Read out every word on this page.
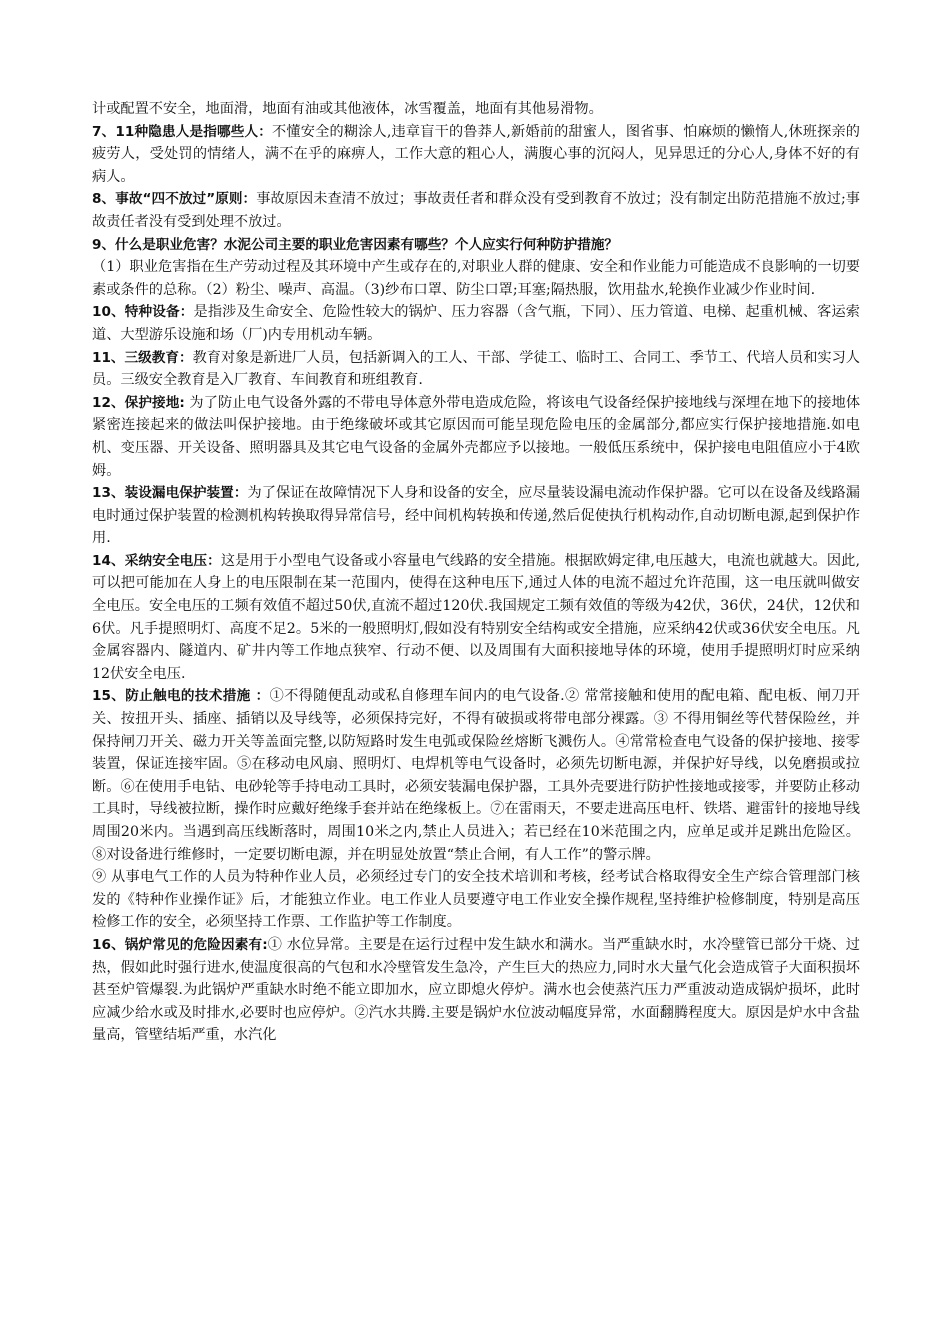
计或配置不安全，地面滑，地面有油或其他液体，冰雪覆盖，地面有其他易滑物。

7、11种隐患人是指哪些人：不懂安全的糊涂人,违章盲干的鲁莽人,新婚前的甜蜜人，图省事、怕麻烦的懒惰人,休班探亲的疲劳人，受处罚的情绪人，满不在乎的麻痹人，工作大意的粗心人，满腹心事的沉闷人，见异思迁的分心人,身体不好的有病人。

8、事故“四不放过”原则：事故原因未查清不放过；事故责任者和群众没有受到教育不放过；没有制定出防范措施不放过;事故责任者没有受到处理不放过。

9、什么是职业危害？水泥公司主要的职业危害因素有哪些？个人应实行何种防护措施？

（1）职业危害指在生产劳动过程及其环境中产生或存在的,对职业人群的健康、安全和作业能力可能造成不良影响的一切要素或条件的总称。（2）粉尘、噪声、高温。（3)纱布口罩、防尘口罩;耳塞;隔热服，饮用盐水,轮换作业减少作业时间.

10、特种设备：是指涉及生命安全、危险性较大的锅炉、压力容器（含气瓶，下同）、压力管道、电梯、起重机械、客运索道、大型游乐设施和场（厂)内专用机动车辆。

11、三级教育：教育对象是新进厂人员，包括新调入的工人、干部、学徒工、临时工、合同工、季节工、代培人员和实习人员。三级安全教育是入厂教育、车间教育和班组教育.

12、保护接地: 为了防止电气设备外露的不带电导体意外带电造成危险，将该电气设备经保护接地线与深埋在地下的接地体紧密连接起来的做法叫保护接地。由于绝缘破坏或其它原因而可能呈现危险电压的金属部分,都应实行保护接地措施.如电机、变压器、开关设备、照明器具及其它电气设备的金属外壳都应予以接地。一般低压系统中，保护接电电阻值应小于4欧姆。

13、装设漏电保护装置：为了保证在故障情况下人身和设备的安全，应尽量装设漏电流动作保护器。它可以在设备及线路漏电时通过保护装置的检测机构转换取得异常信号，经中间机构转换和传递,然后促使执行机构动作,自动切断电源,起到保护作用.

14、采纳安全电压：这是用于小型电气设备或小容量电气线路的安全措施。根据欧姆定律,电压越大，电流也就越大。因此,可以把可能加在人身上的电压限制在某一范围内，使得在这种电压下,通过人体的电流不超过允许范围，这一电压就叫做安全电压。安全电压的工频有效值不超过50伏,直流不超过120伏.我国规定工频有效值的等级为42伏，36伏，24伏，12伏和6伏。凡手提照明灯、高度不足2。5米的一般照明灯,假如没有特别安全结构或安全措施，应采纳42伏或36伏安全电压。凡金属容器内、隧道内、矿井内等工作地点狭窄、行动不便、以及周围有大面积接地导体的环境，使用手提照明灯时应采纳12伏安全电压.

15、防止触电的技术措施 ：①不得随便乱动或私自修理车间内的电气设备.② 常常接触和使用的配电箱、配电板、闸刀开关、按扭开头、插座、插销以及导线等，必须保持完好，不得有破损或将带电部分裸露。③ 不得用铜丝等代替保险丝，并保持闸刀开关、磁力开关等盖面完整,以防短路时发生电弧或保险丝熔断飞溅伤人。④常常检查电气设备的保护接地、接零装置，保证连接牢固。⑤在移动电风扇、照明灯、电焊机等电气设备时，必须先切断电源，并保护好导线，以免磨损或拉断。⑥在使用手电钻、电砂轮等手持电动工具时，必须安装漏电保护器，工具外壳要进行防护性接地或接零，并要防止移动工具时，导线被拉断，操作时应戴好绝缘手套并站在绝缘板上。⑦在雷雨天，不要走进高压电杆、铁塔、避雷针的接地导线周围20米内。当遇到高压线断落时，周围10米之内,禁止人员进入；若已经在10米范围之内，应单足或并足跳出危险区。⑧对设备进行维修时，一定要切断电源，并在明显处放置“禁止合闸，有人工作”的警示牌。

⑨ 从事电气工作的人员为特种作业人员，必须经过专门的安全技术培训和考核，经考试合格取得安全生产综合管理部门核发的《特种作业操作证》后，才能独立作业。电工作业人员要遵守电工作业安全操作规程,坚持维护检修制度，特别是高压检修工作的安全，必须坚持工作票、工作监护等工作制度。

16、锅炉常见的危险因素有:① 水位异常。主要是在运行过程中发生缺水和满水。当严重缺水时，水冷壁管已部分干烧、过热，假如此时强行进水,使温度很高的气包和水冷壁管发生急冷，产生巨大的热应力,同时水大量气化会造成管子大面积损坏甚至炉管爆裂.为此锅炉严重缺水时绝不能立即加水，应立即熄火停炉。满水也会使蒸汽压力严重波动造成锅炉损坏，此时应减少给水或及时排水,必要时也应停炉。②汽水共腾.主要是锅炉水位波动幅度异常，水面翻腾程度大。原因是炉水中含盐量高，管壁结垢严重，水汽化
